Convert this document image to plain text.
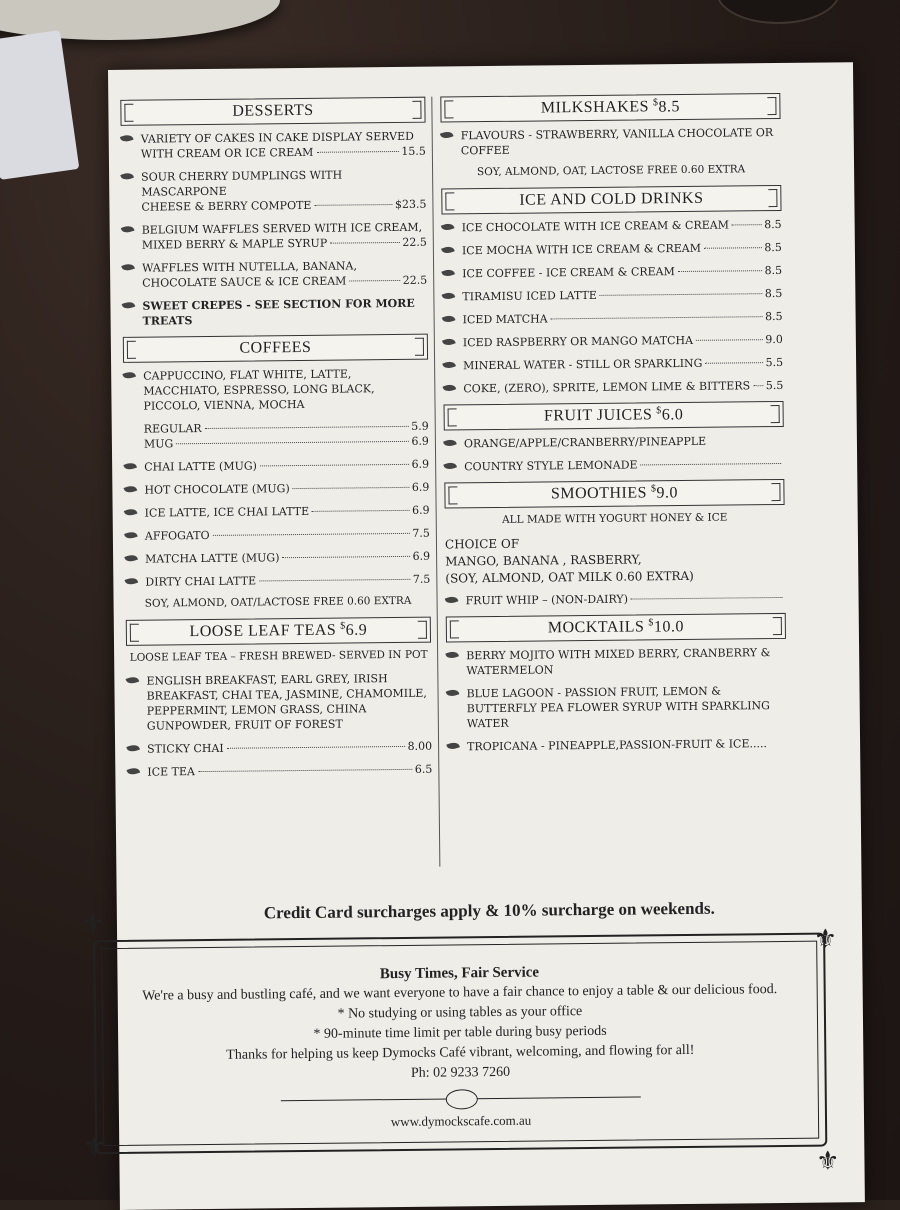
DESSERTS
VARIETY OF CAKES IN CAKE DISPLAY SERVED
WITH CREAM OR ICE CREAM	15.5
SOUR CHERRY DUMPLINGS WITH MASCARPONE
CHEESE & BERRY COMPOTE	$23.5
BELGIUM WAFFLES SERVED WITH ICE CREAM,
MIXED BERRY & MAPLE SYRUP	22.5
WAFFLES WITH NUTELLA, BANANA,
CHOCOLATE SAUCE & ICE CREAM	22.5
SWEET CREPES - SEE SECTION FOR MORE TREATS
COFFEES
CAPPUCCINO, FLAT WHITE, LATTE, MACCHIATO, ESPRESSO, LONG BLACK, PICCOLO, VIENNA, MOCHA
REGULAR	5.9
MUG	6.9
CHAI LATTE (MUG)	6.9
HOT CHOCOLATE (MUG)	6.9
ICE LATTE, ICE CHAI LATTE	6.9
AFFOGATO	7.5
MATCHA LATTE (MUG)	6.9
DIRTY CHAI LATTE	7.5
SOY, ALMOND, OAT/LACTOSE FREE 0.60 EXTRA
LOOSE LEAF TEAS $6.9
LOOSE LEAF TEA – FRESH BREWED- SERVED IN POT
ENGLISH BREAKFAST, EARL GREY, IRISH BREAKFAST, CHAI TEA, JASMINE, CHAMOMILE, PEPPERMINT, LEMON GRASS, CHINA GUNPOWDER, FRUIT OF FOREST
STICKY CHAI	8.00
ICE TEA	6.5
MILKSHAKES $8.5
FLAVOURS - STRAWBERRY, VANILLA CHOCOLATE OR COFFEE
SOY, ALMOND, OAT, LACTOSE FREE 0.60 EXTRA
ICE AND COLD DRINKS
ICE CHOCOLATE WITH ICE CREAM & CREAM	8.5
ICE MOCHA WITH ICE CREAM & CREAM	8.5
ICE COFFEE - ICE CREAM & CREAM	8.5
TIRAMISU ICED LATTE	8.5
ICED MATCHA	8.5
ICED RASPBERRY OR MANGO MATCHA	9.0
MINERAL WATER - STILL OR SPARKLING	5.5
COKE, (ZERO), SPRITE, LEMON LIME & BITTERS 5.5
FRUIT JUICES $6.0
ORANGE/APPLE/CRANBERRY/PINEAPPLE
COUNTRY STYLE LEMONADE
SMOOTHIES $9.0
ALL MADE WITH YOGURT HONEY & ICE
CHOICE OF
MANGO, BANANA , RASBERRY,
(SOY, ALMOND, OAT MILK 0.60 EXTRA)
FRUIT WHIP – (NON-DAIRY)
MOCKTAILS $10.0
BERRY MOJITO WITH MIXED BERRY, CRANBERRY & WATERMELON
BLUE LAGOON - PASSION FRUIT, LEMON & BUTTERFLY PEA FLOWER SYRUP WITH SPARKLING WATER
TROPICANA - PINEAPPLE,PASSION-FRUIT & ICE.....
Credit Card surcharges apply & 10% surcharge on weekends.
⚜	⚜
⚜	⚜
Busy Times, Fair Service
We're a busy and bustling café, and we want everyone to have a fair chance to enjoy a table & our delicious food.
* No studying or using tables as your office
* 90-minute time limit per table during busy periods
Thanks for helping us keep Dymocks Café vibrant, welcoming, and flowing for all!
Ph: 02 9233 7260
www.dymockscafe.com.au
